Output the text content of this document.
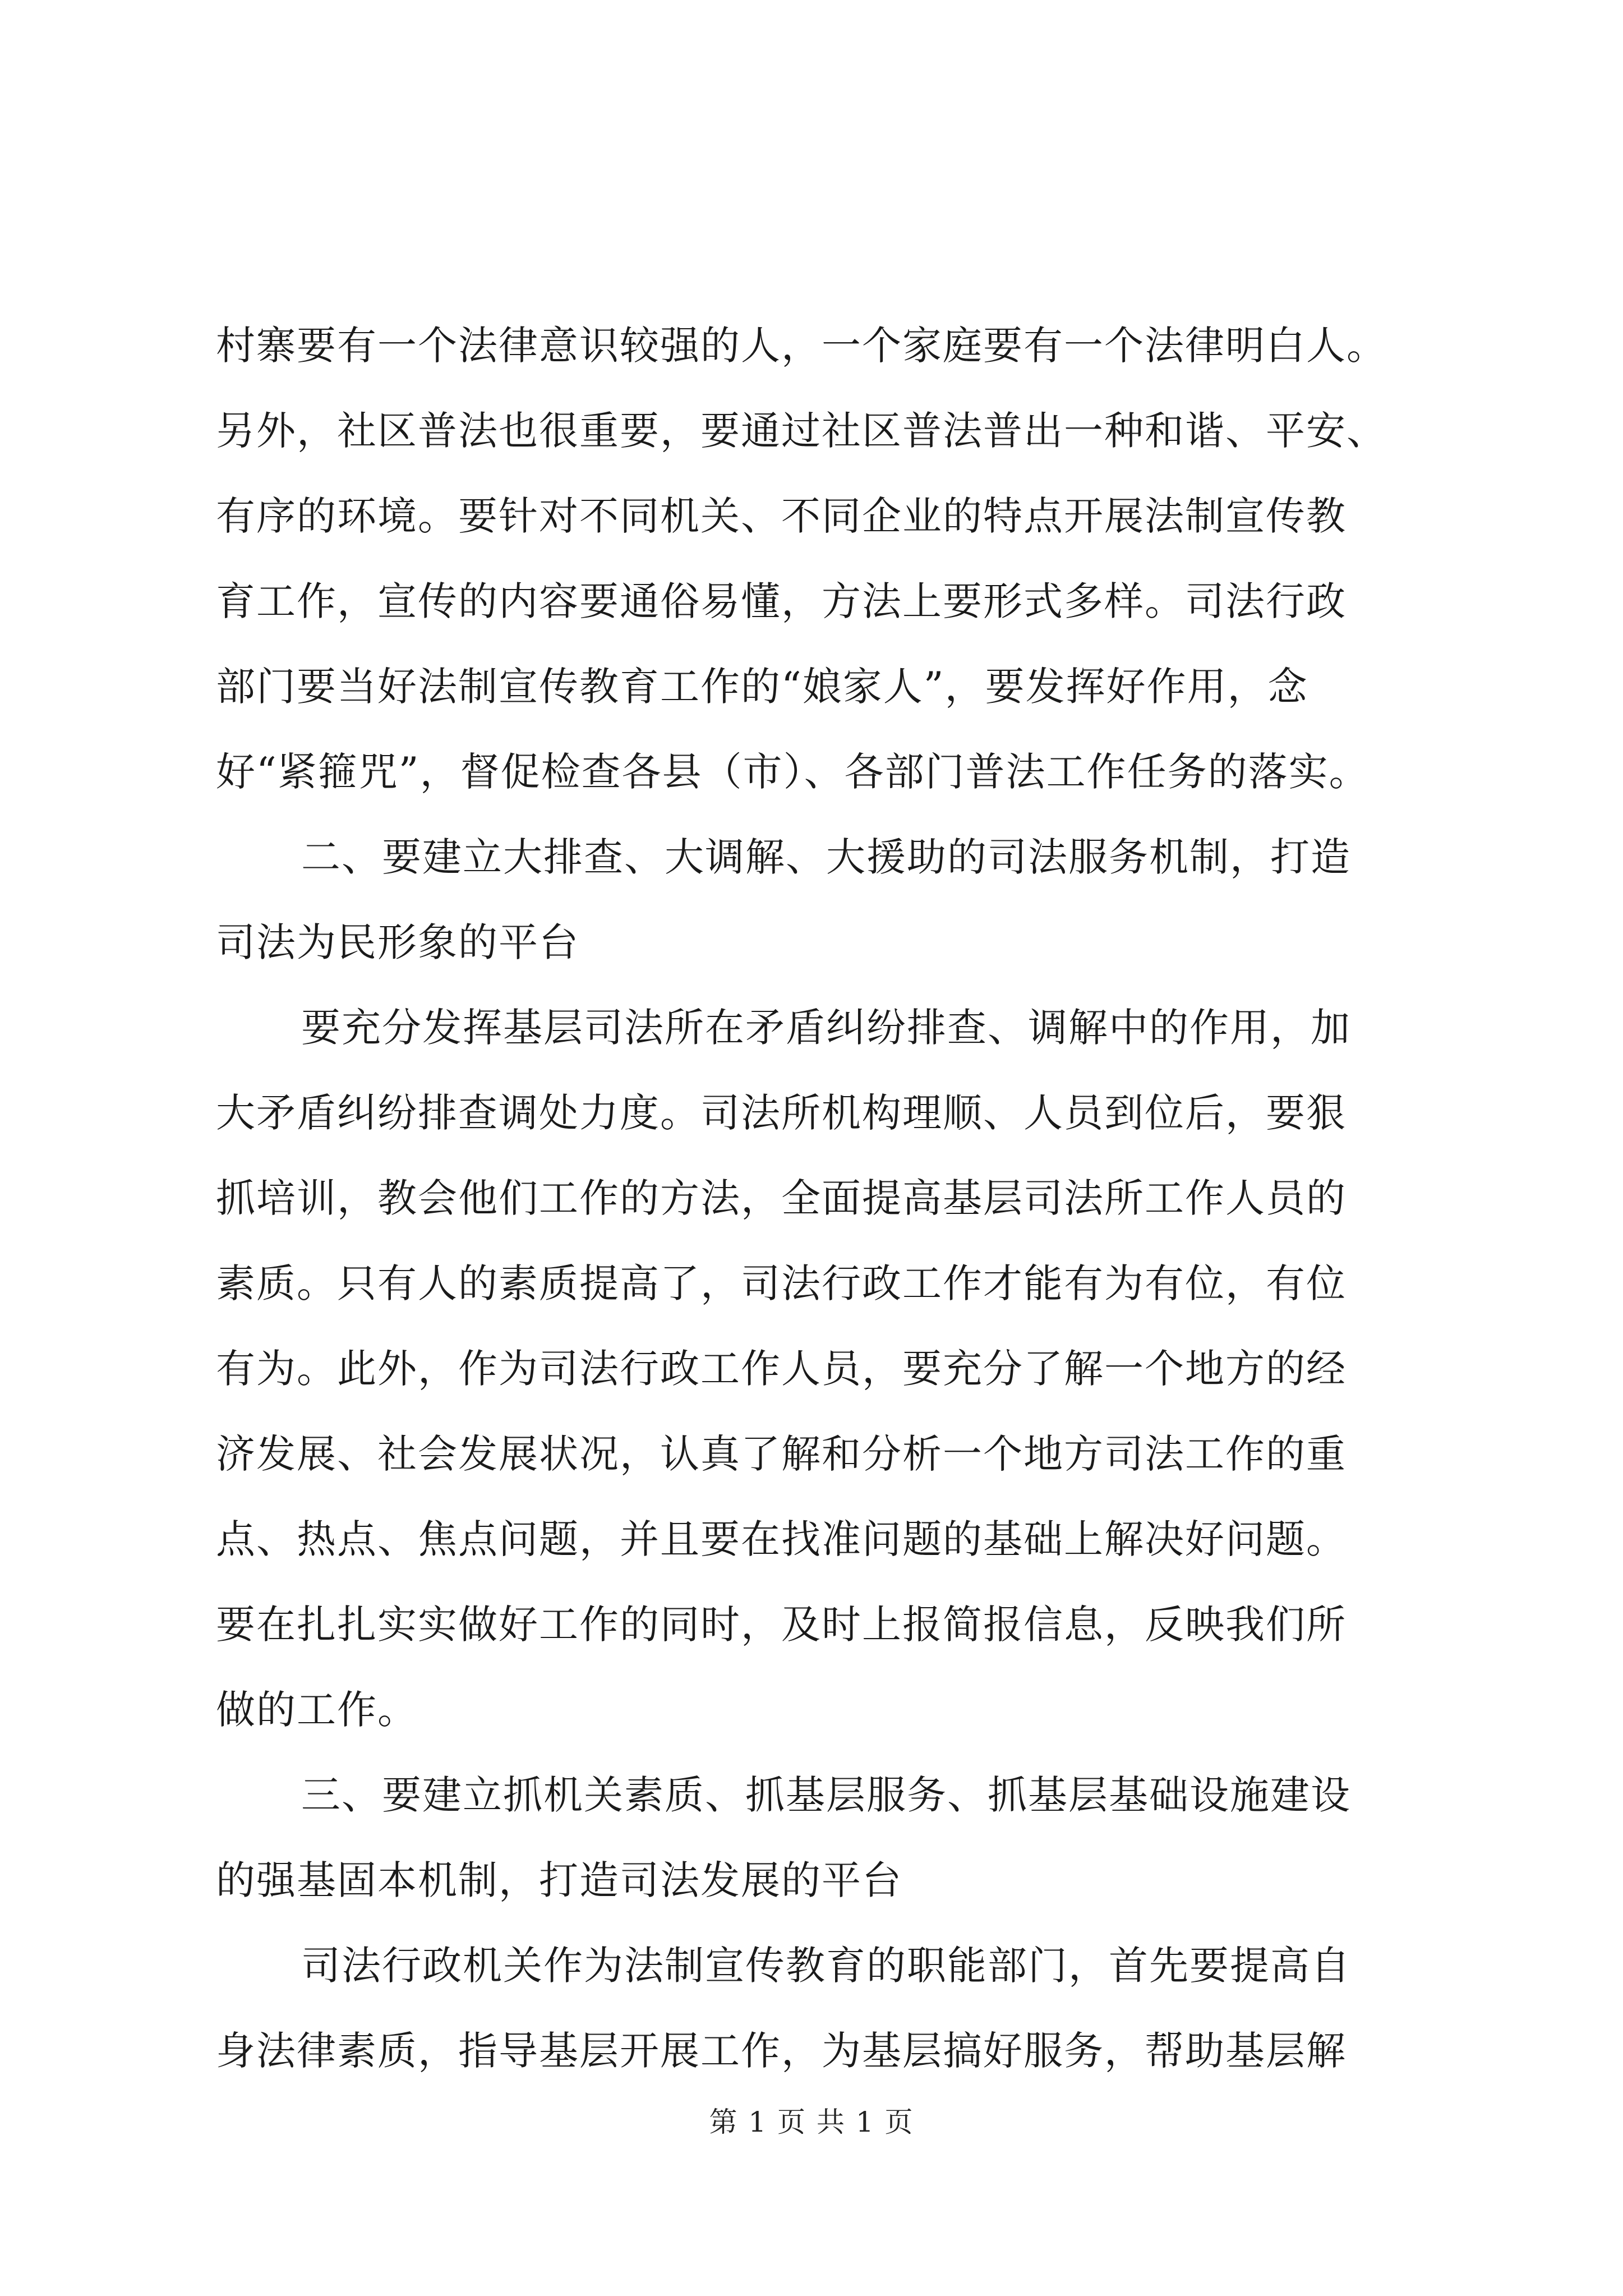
村寨要有一个法律意识较强的人，一个家庭要有一个法律明白人。
另外，社区普法也很重要，要通过社区普法普出一种和谐、平安、
有序的环境。要针对不同机关、不同企业的特点开展法制宣传教
育工作，宣传的内容要通俗易懂，方法上要形式多样。司法行政
部门要当好法制宣传教育工作的“娘家人”，要发挥好作用，念
好“紧箍咒”，督促检查各县（市）、各部门普法工作任务的落实。
二、要建立大排查、大调解、大援助的司法服务机制，打造
司法为民形象的平台
要充分发挥基层司法所在矛盾纠纷排查、调解中的作用，加
大矛盾纠纷排查调处力度。司法所机构理顺、人员到位后，要狠
抓培训，教会他们工作的方法，全面提高基层司法所工作人员的
素质。只有人的素质提高了，司法行政工作才能有为有位，有位
有为。此外，作为司法行政工作人员，要充分了解一个地方的经
济发展、社会发展状况，认真了解和分析一个地方司法工作的重
点、热点、焦点问题，并且要在找准问题的基础上解决好问题。
要在扎扎实实做好工作的同时，及时上报简报信息，反映我们所
做的工作。
三、要建立抓机关素质、抓基层服务、抓基层基础设施建设
的强基固本机制，打造司法发展的平台
司法行政机关作为法制宣传教育的职能部门，首先要提高自
身法律素质，指导基层开展工作，为基层搞好服务，帮助基层解
第 1 页 共 1 页
